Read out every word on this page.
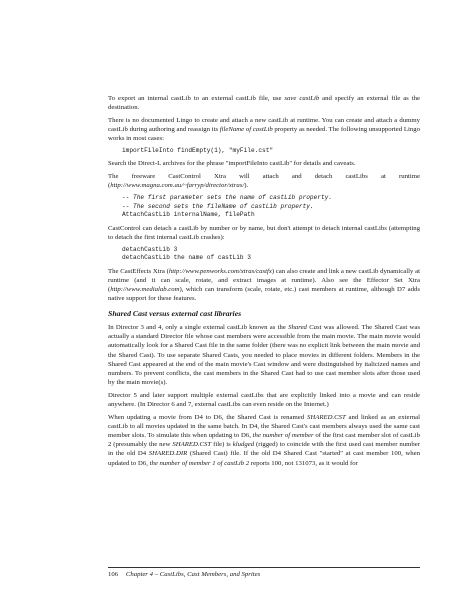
To export an internal castLib to an external castLib file, use save castLib and specify an external file as the destination.

There is no documented Lingo to create and attach a new castLib at runtime. You can create and attach a dummy castLib during authoring and reassign its fileName of castLib property as needed. The following unsupported Lingo works in most cases:

importFileInto findEmpty(1), "myFile.cst"

Search the Direct-L archives for the phrase "importFileInto castLib" for details and caveats.

The freeware CastControl Xtra will attach and detach castLibs at runtime (http://www.magna.com.au/~farryp/director/xtras/).

-- The first parameter sets the name of castLib property.
-- The second sets the fileName of castLib property.
AttachCastLib internalName, filePath

CastControl can detach a castLib by number or by name, but don't attempt to detach internal castLibs (attempting to detach the first internal castLib crashes):

detachCastLib 3
detachCastLib the name of castLib 3

The CastEffects Xtra (http://www.penworks.com/xtras/castfx) can also create and link a new castLib dynamically at runtime (and it can scale, rotate, and extract images at runtime). Also see the Effector Set Xtra (http://www.medialab.com), which can transform (scale, rotate, etc.) cast members at runtime, although D7 adds native support for these features.

Shared Cast versus external cast libraries

In Director 3 and 4, only a single external castLib known as the Shared Cast was allowed. The Shared Cast was actually a standard Director file whose cast members were accessible from the main movie. The main movie would automatically look for a Shared Cast file in the same folder (there was no explicit link between the main movie and the Shared Cast). To use separate Shared Casts, you needed to place movies in different folders. Members in the Shared Cast appeared at the end of the main movie's Cast window and were distinguished by italicized names and numbers. To prevent conflicts, the cast members in the Shared Cast had to use cast member slots after those used by the main movie(s).

Director 5 and later support multiple external castLibs that are explicitly linked into a movie and can reside anywhere. (In Director 6 and 7, external castLibs can even reside on the Internet.)

When updating a movie from D4 to D6, the Shared Cast is renamed SHARED.CST and linked as an external castLib to all movies updated in the same batch. In D4, the Shared Cast's cast members always used the same cast member slots. To simulate this when updating to D6, the number of member of the first cast member slot of castLib 2 (presumably the new SHARED.CST file) is kludged (rigged) to coincide with the first used cast member number in the old D4 SHARED.DIR (Shared Cast) file. If the old D4 Shared Cast "started" at cast member 100, when updated to D6, the number of member 1 of castLib 2 reports 100, not 131073, as it would for

106 Chapter 4 – CastLibs, Cast Members, and Sprites
